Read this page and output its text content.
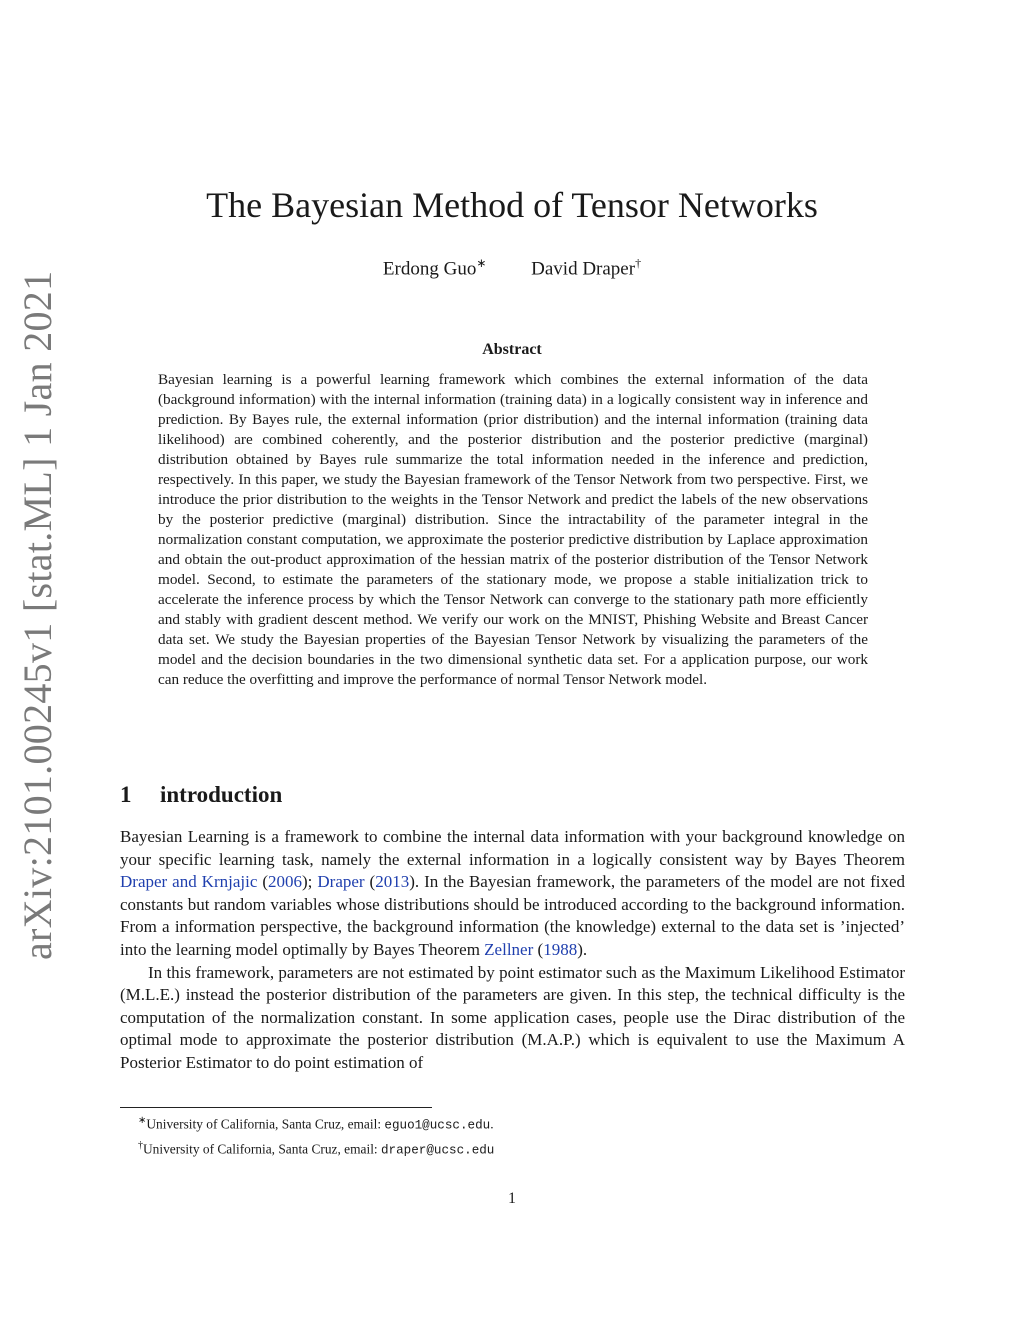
arXiv:2101.00245v1 [stat.ML] 1 Jan 2021
The Bayesian Method of Tensor Networks
Erdong Guo∗ David Draper†
Abstract

Bayesian learning is a powerful learning framework which combines the external information of the data (background information) with the internal information (training data) in a logically consistent way in inference and prediction. By Bayes rule, the external information (prior distribution) and the internal information (training data likelihood) are combined coherently, and the posterior distribution and the posterior predictive (marginal) distribution obtained by Bayes rule summarize the total information needed in the inference and prediction, respectively. In this paper, we study the Bayesian framework of the Tensor Network from two perspective. First, we introduce the prior distribution to the weights in the Tensor Network and predict the labels of the new observations by the posterior predictive (marginal) distribution. Since the intractability of the parameter integral in the normalization constant computation, we approximate the posterior predictive distribution by Laplace approximation and obtain the out-product approximation of the hessian matrix of the posterior distribution of the Tensor Network model. Second, to estimate the parameters of the stationary mode, we propose a stable initialization trick to accelerate the inference process by which the Tensor Network can converge to the stationary path more efficiently and stably with gradient descent method. We verify our work on the MNIST, Phishing Website and Breast Cancer data set. We study the Bayesian properties of the Bayesian Tensor Network by visualizing the parameters of the model and the decision boundaries in the two dimensional synthetic data set. For a application purpose, our work can reduce the overfitting and improve the performance of normal Tensor Network model.

1 introduction

Bayesian Learning is a framework to combine the internal data information with your background knowledge on your specific learning task, namely the external information in a logically consistent way by Bayes Theorem Draper and Krnjajic (2006); Draper (2013). In the Bayesian framework, the parameters of the model are not fixed constants but random variables whose distributions should be introduced according to the background information. From a information perspective, the background information (the knowledge) external to the data set is ’injected’ into the learning model optimally by Bayes Theorem Zellner (1988).

In this framework, parameters are not estimated by point estimator such as the Maximum Likelihood Estimator (M.L.E.) instead the posterior distribution of the parameters are given. In this step, the technical difficulty is the computation of the normalization constant. In some application cases, people use the Dirac distribution of the optimal mode to approximate the posterior distribution (M.A.P.) which is equivalent to use the Maximum A Posterior Estimator to do point estimation of

∗University of California, Santa Cruz, email: eguo1@ucsc.edu.
†University of California, Santa Cruz, email: draper@ucsc.edu
1
